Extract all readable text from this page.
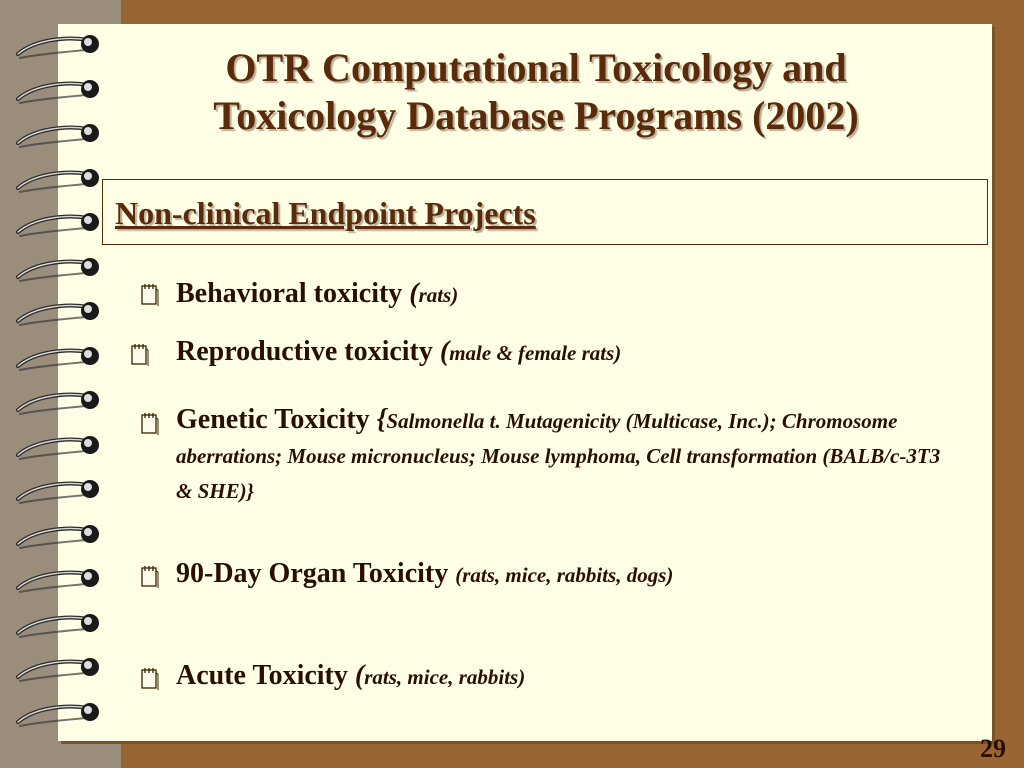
OTR Computational Toxicology and
Toxicology Database Programs (2002)
Non-clinical Endpoint Projects
Behavioral toxicity (rats)
Reproductive toxicity (male & female rats)
Genetic Toxicity {Salmonella t. Mutagenicity (Multicase, Inc.); Chromosome aberrations; Mouse micronucleus; Mouse lymphoma, Cell transformation (BALB/c-3T3 & SHE)}
90-Day Organ Toxicity (rats, mice, rabbits, dogs)
Acute Toxicity (rats, mice, rabbits)
29
